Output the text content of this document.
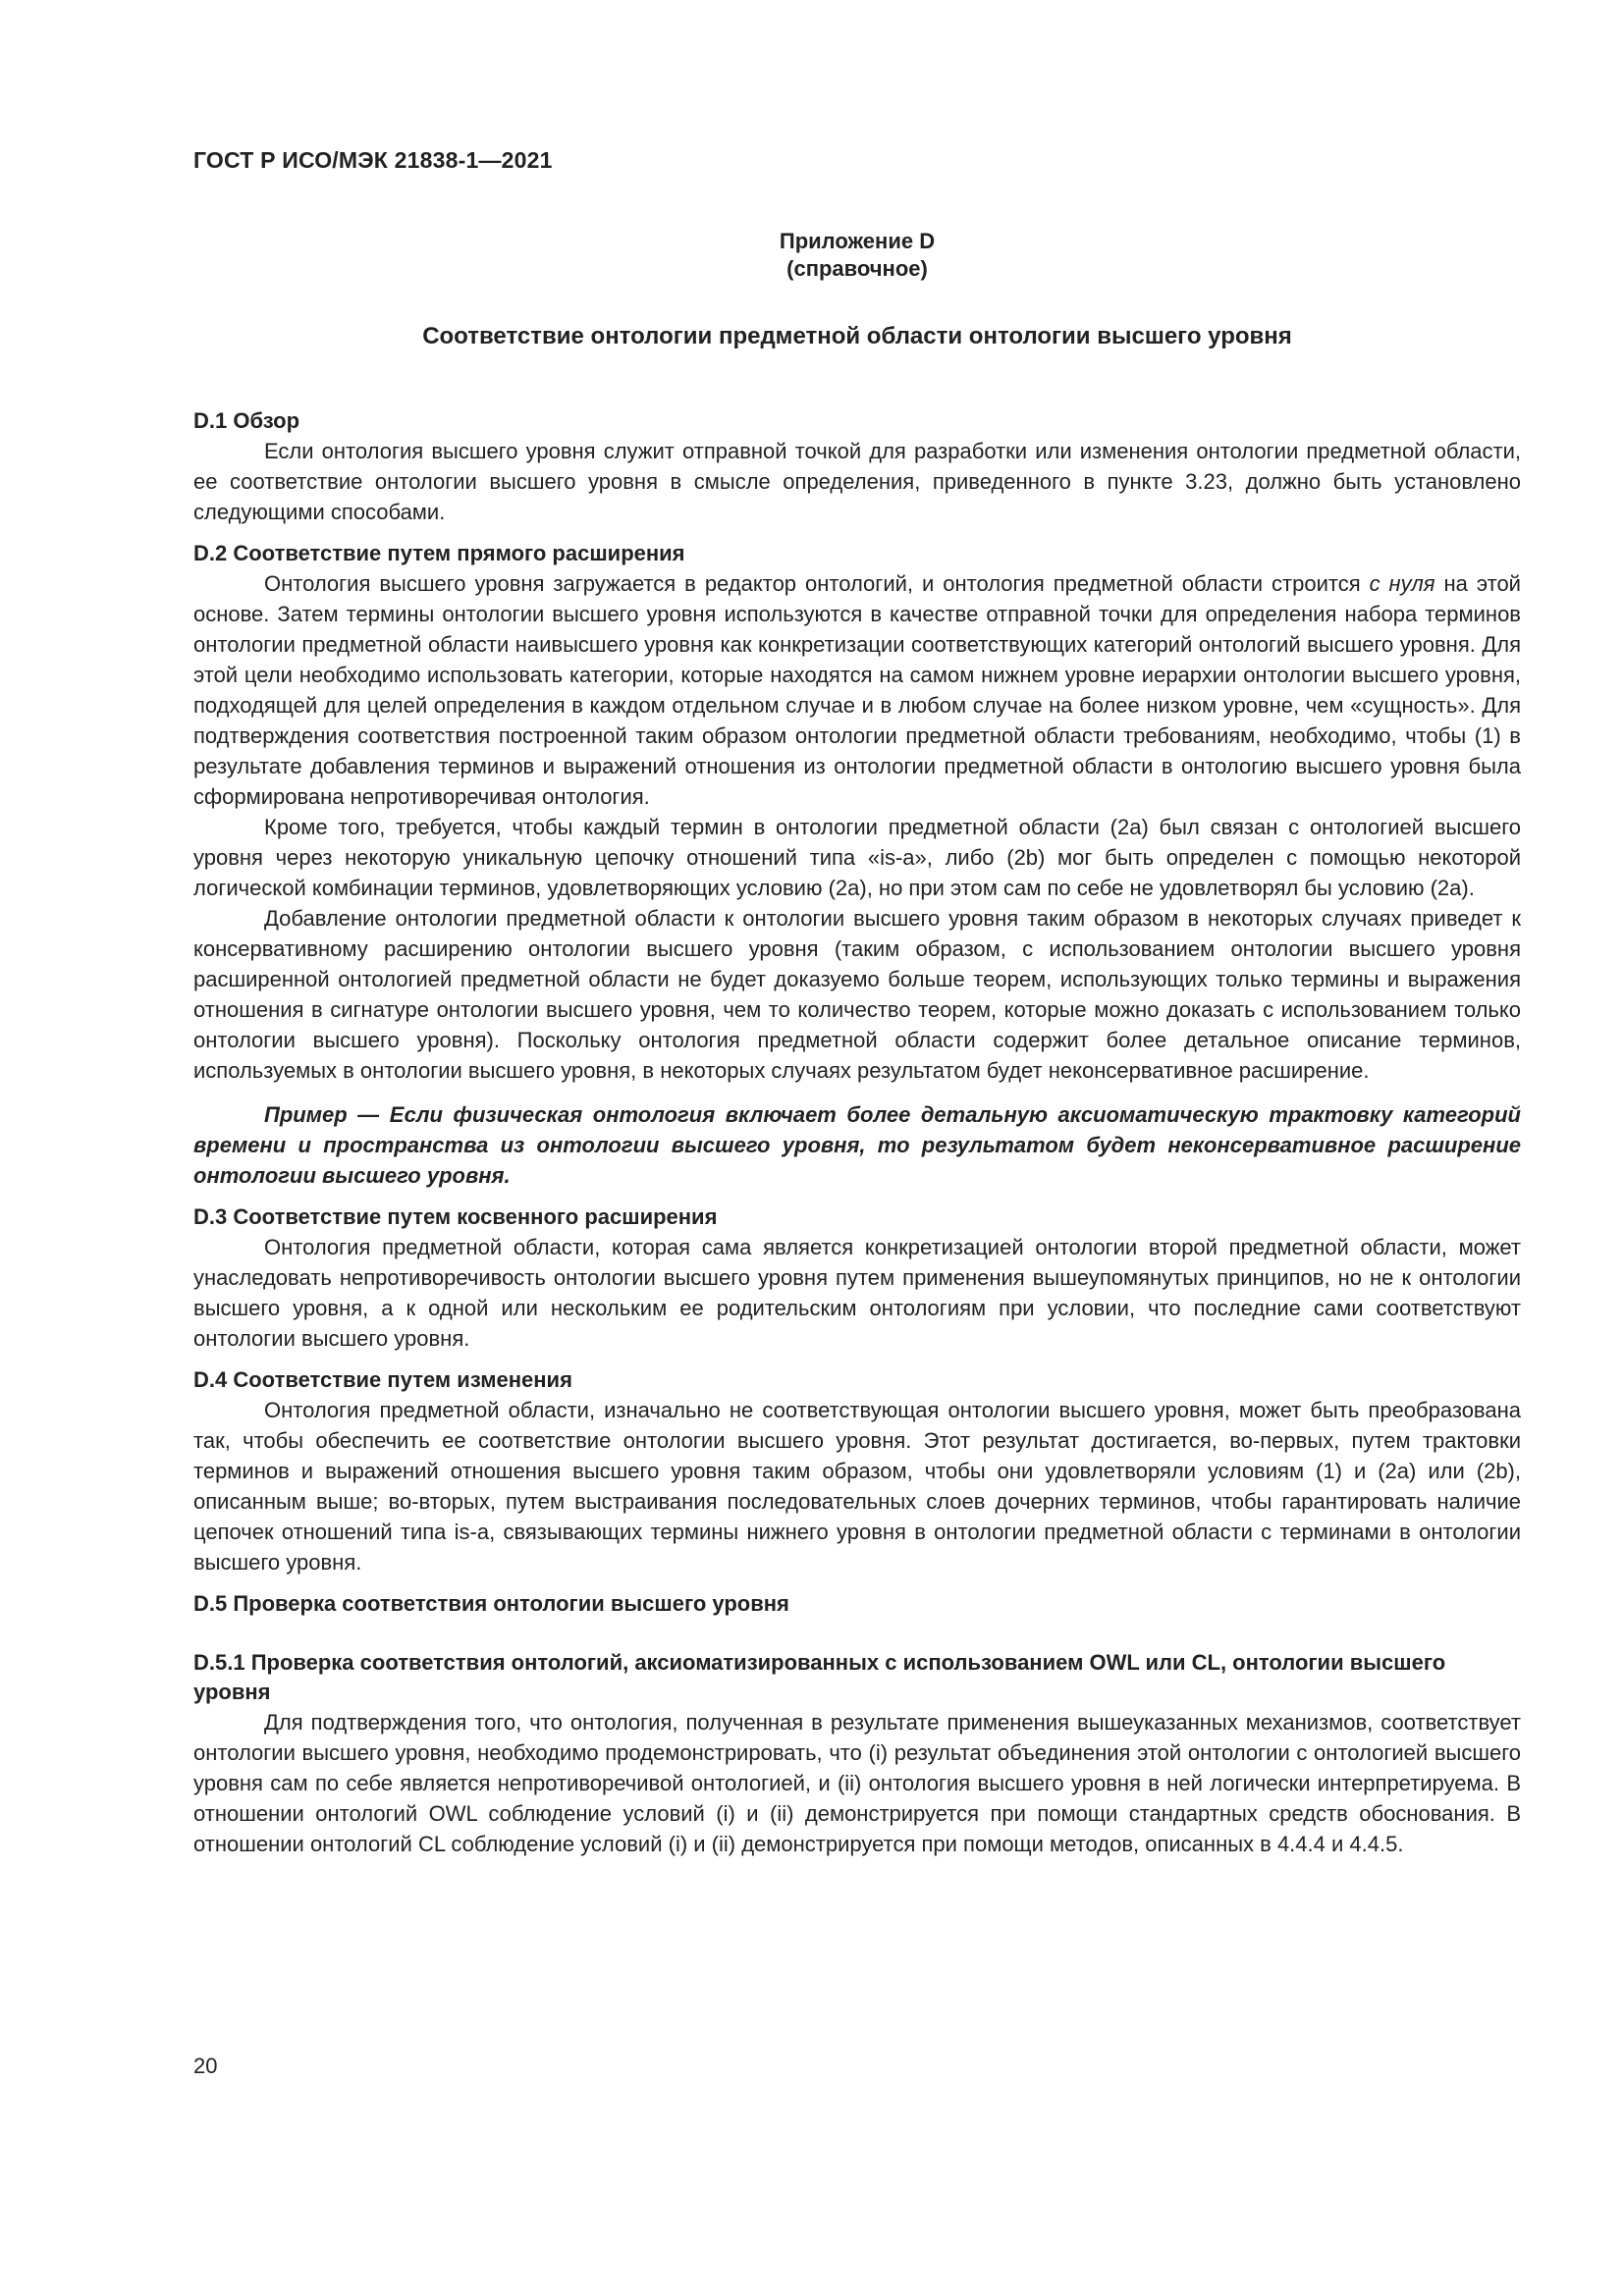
ГОСТ Р ИСО/МЭК 21838-1—2021
Приложение D
(справочное)
Соответствие онтологии предметной области онтологии высшего уровня
D.1 Обзор

Если онтология высшего уровня служит отправной точкой для разработки или изменения онтологии предметной области, ее соответствие онтологии высшего уровня в смысле определения, приведенного в пункте 3.23, должно быть установлено следующими способами.

D.2 Соответствие путем прямого расширения

Онтология высшего уровня загружается в редактор онтологий, и онтология предметной области строится с нуля на этой основе. Затем термины онтологии высшего уровня используются в качестве отправной точки для определения набора терминов онтологии предметной области наивысшего уровня как конкретизации соответствующих категорий онтологий высшего уровня. Для этой цели необходимо использовать категории, которые находятся на самом нижнем уровне иерархии онтологии высшего уровня, подходящей для целей определения в каждом отдельном случае и в любом случае на более низком уровне, чем «сущность». Для подтверждения соответствия построенной таким образом онтологии предметной области требованиям, необходимо, чтобы (1) в результате добавления терминов и выражений отношения из онтологии предметной области в онтологию высшего уровня была сформирована непротиворечивая онтология.

Кроме того, требуется, чтобы каждый термин в онтологии предметной области (2a) был связан с онтологией высшего уровня через некоторую уникальную цепочку отношений типа «is-a», либо (2b) мог быть определен с помощью некоторой логической комбинации терминов, удовлетворяющих условию (2a), но при этом сам по себе не удовлетворял бы условию (2a).

Добавление онтологии предметной области к онтологии высшего уровня таким образом в некоторых случаях приведет к консервативному расширению онтологии высшего уровня (таким образом, с использованием онтологии высшего уровня расширенной онтологией предметной области не будет доказуемо больше теорем, использующих только термины и выражения отношения в сигнатуре онтологии высшего уровня, чем то количество теорем, которые можно доказать с использованием только онтологии высшего уровня). Поскольку онтология предметной области содержит более детальное описание терминов, используемых в онтологии высшего уровня, в некоторых случаях результатом будет неконсервативное расширение.

Пример — Если физическая онтология включает более детальную аксиоматическую трактовку категорий времени и пространства из онтологии высшего уровня, то результатом будет неконсервативное расширение онтологии высшего уровня.

D.3 Соответствие путем косвенного расширения

Онтология предметной области, которая сама является конкретизацией онтологии второй предметной области, может унаследовать непротиворечивость онтологии высшего уровня путем применения вышеупомянутых принципов, но не к онтологии высшего уровня, а к одной или нескольким ее родительским онтологиям при условии, что последние сами соответствуют онтологии высшего уровня.

D.4 Соответствие путем изменения

Онтология предметной области, изначально не соответствующая онтологии высшего уровня, может быть преобразована так, чтобы обеспечить ее соответствие онтологии высшего уровня. Этот результат достигается, во-первых, путем трактовки терминов и выражений отношения высшего уровня таким образом, чтобы они удовлетворяли условиям (1) и (2a) или (2b), описанным выше; во-вторых, путем выстраивания последовательных слоев дочерних терминов, чтобы гарантировать наличие цепочек отношений типа is-a, связывающих термины нижнего уровня в онтологии предметной области с терминами в онтологии высшего уровня.

D.5 Проверка соответствия онтологии высшего уровня
D.5.1 Проверка соответствия онтологий, аксиоматизированных с использованием OWL или CL, онтологии высшего уровня

Для подтверждения того, что онтология, полученная в результате применения вышеуказанных механизмов, соответствует онтологии высшего уровня, необходимо продемонстрировать, что (i) результат объединения этой онтологии с онтологией высшего уровня сам по себе является непротиворечивой онтологией, и (ii) онтология высшего уровня в ней логически интерпретируема. В отношении онтологий OWL соблюдение условий (i) и (ii) демонстрируется при помощи стандартных средств обоснования. В отношении онтологий CL соблюдение условий (i) и (ii) демонстрируется при помощи методов, описанных в 4.4.4 и 4.4.5.

20
